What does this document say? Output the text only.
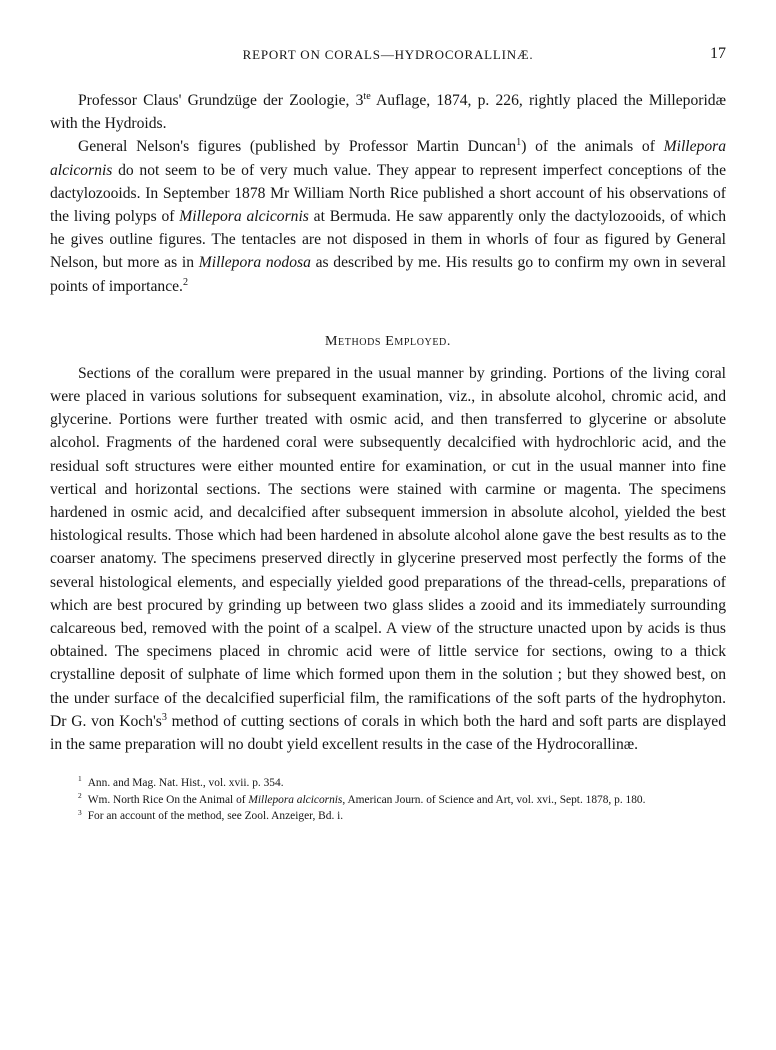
REPORT ON CORALS—HYDROCORALLINÆ.	17

Professor Claus' Grundzüge der Zoologie, $3^{te}$ Auflage, 1874, p. 226, rightly placed the Milleporidæ with the Hydroids.

General Nelson's figures (published by Professor Martin Duncan$^1$) of the animals of Millepora alcicornis do not seem to be of very much value. They appear to represent imperfect conceptions of the dactylozooids. In September 1878 Mr William North Rice published a short account of his observations of the living polyps of Millepora alcicornis at Bermuda. He saw apparently only the dactylozooids, of which he gives outline figures. The tentacles are not disposed in them in whorls of four as figured by General Nelson, but more as in Millepora nodosa as described by me. His results go to confirm my own in several points of importance.$^2$

Methods Employed.

Sections of the corallum were prepared in the usual manner by grinding. Portions of the living coral were placed in various solutions for subsequent examination, viz., in absolute alcohol, chromic acid, and glycerine. Portions were further treated with osmic acid, and then transferred to glycerine or absolute alcohol. Fragments of the hardened coral were subsequently decalcified with hydrochloric acid, and the residual soft structures were either mounted entire for examination, or cut in the usual manner into fine vertical and horizontal sections. The sections were stained with carmine or magenta. The specimens hardened in osmic acid, and decalcified after subsequent immersion in absolute alcohol, yielded the best histological results. Those which had been hardened in absolute alcohol alone gave the best results as to the coarser anatomy. The specimens preserved directly in glycerine preserved most perfectly the forms of the several histological elements, and especially yielded good preparations of the thread-cells, preparations of which are best procured by grinding up between two glass slides a zooid and its immediately surrounding calcareous bed, removed with the point of a scalpel. A view of the structure unacted upon by acids is thus obtained. The specimens placed in chromic acid were of little service for sections, owing to a thick crystalline deposit of sulphate of lime which formed upon them in the solution ; but they showed best, on the under surface of the decalcified superficial film, the ramifications of the soft parts of the hydrophyton. Dr G. von $Koch's^3$ method of cutting sections of corals in which both the hard and soft parts are displayed in the same preparation will no doubt yield excellent results in the case of the Hydrocorallinæ.

$^1$ Ann. and Mag. Nat. Hist., vol. xvii. p. 354.
$^2$ Wm. North Rice On the Animal of Millepora alcicornis, American Journ. of Science and Art, vol. xvi., Sept. 1878, p. 180.
$^3$ For an account of the method, see Zool. Anzeiger, Bd. i.
